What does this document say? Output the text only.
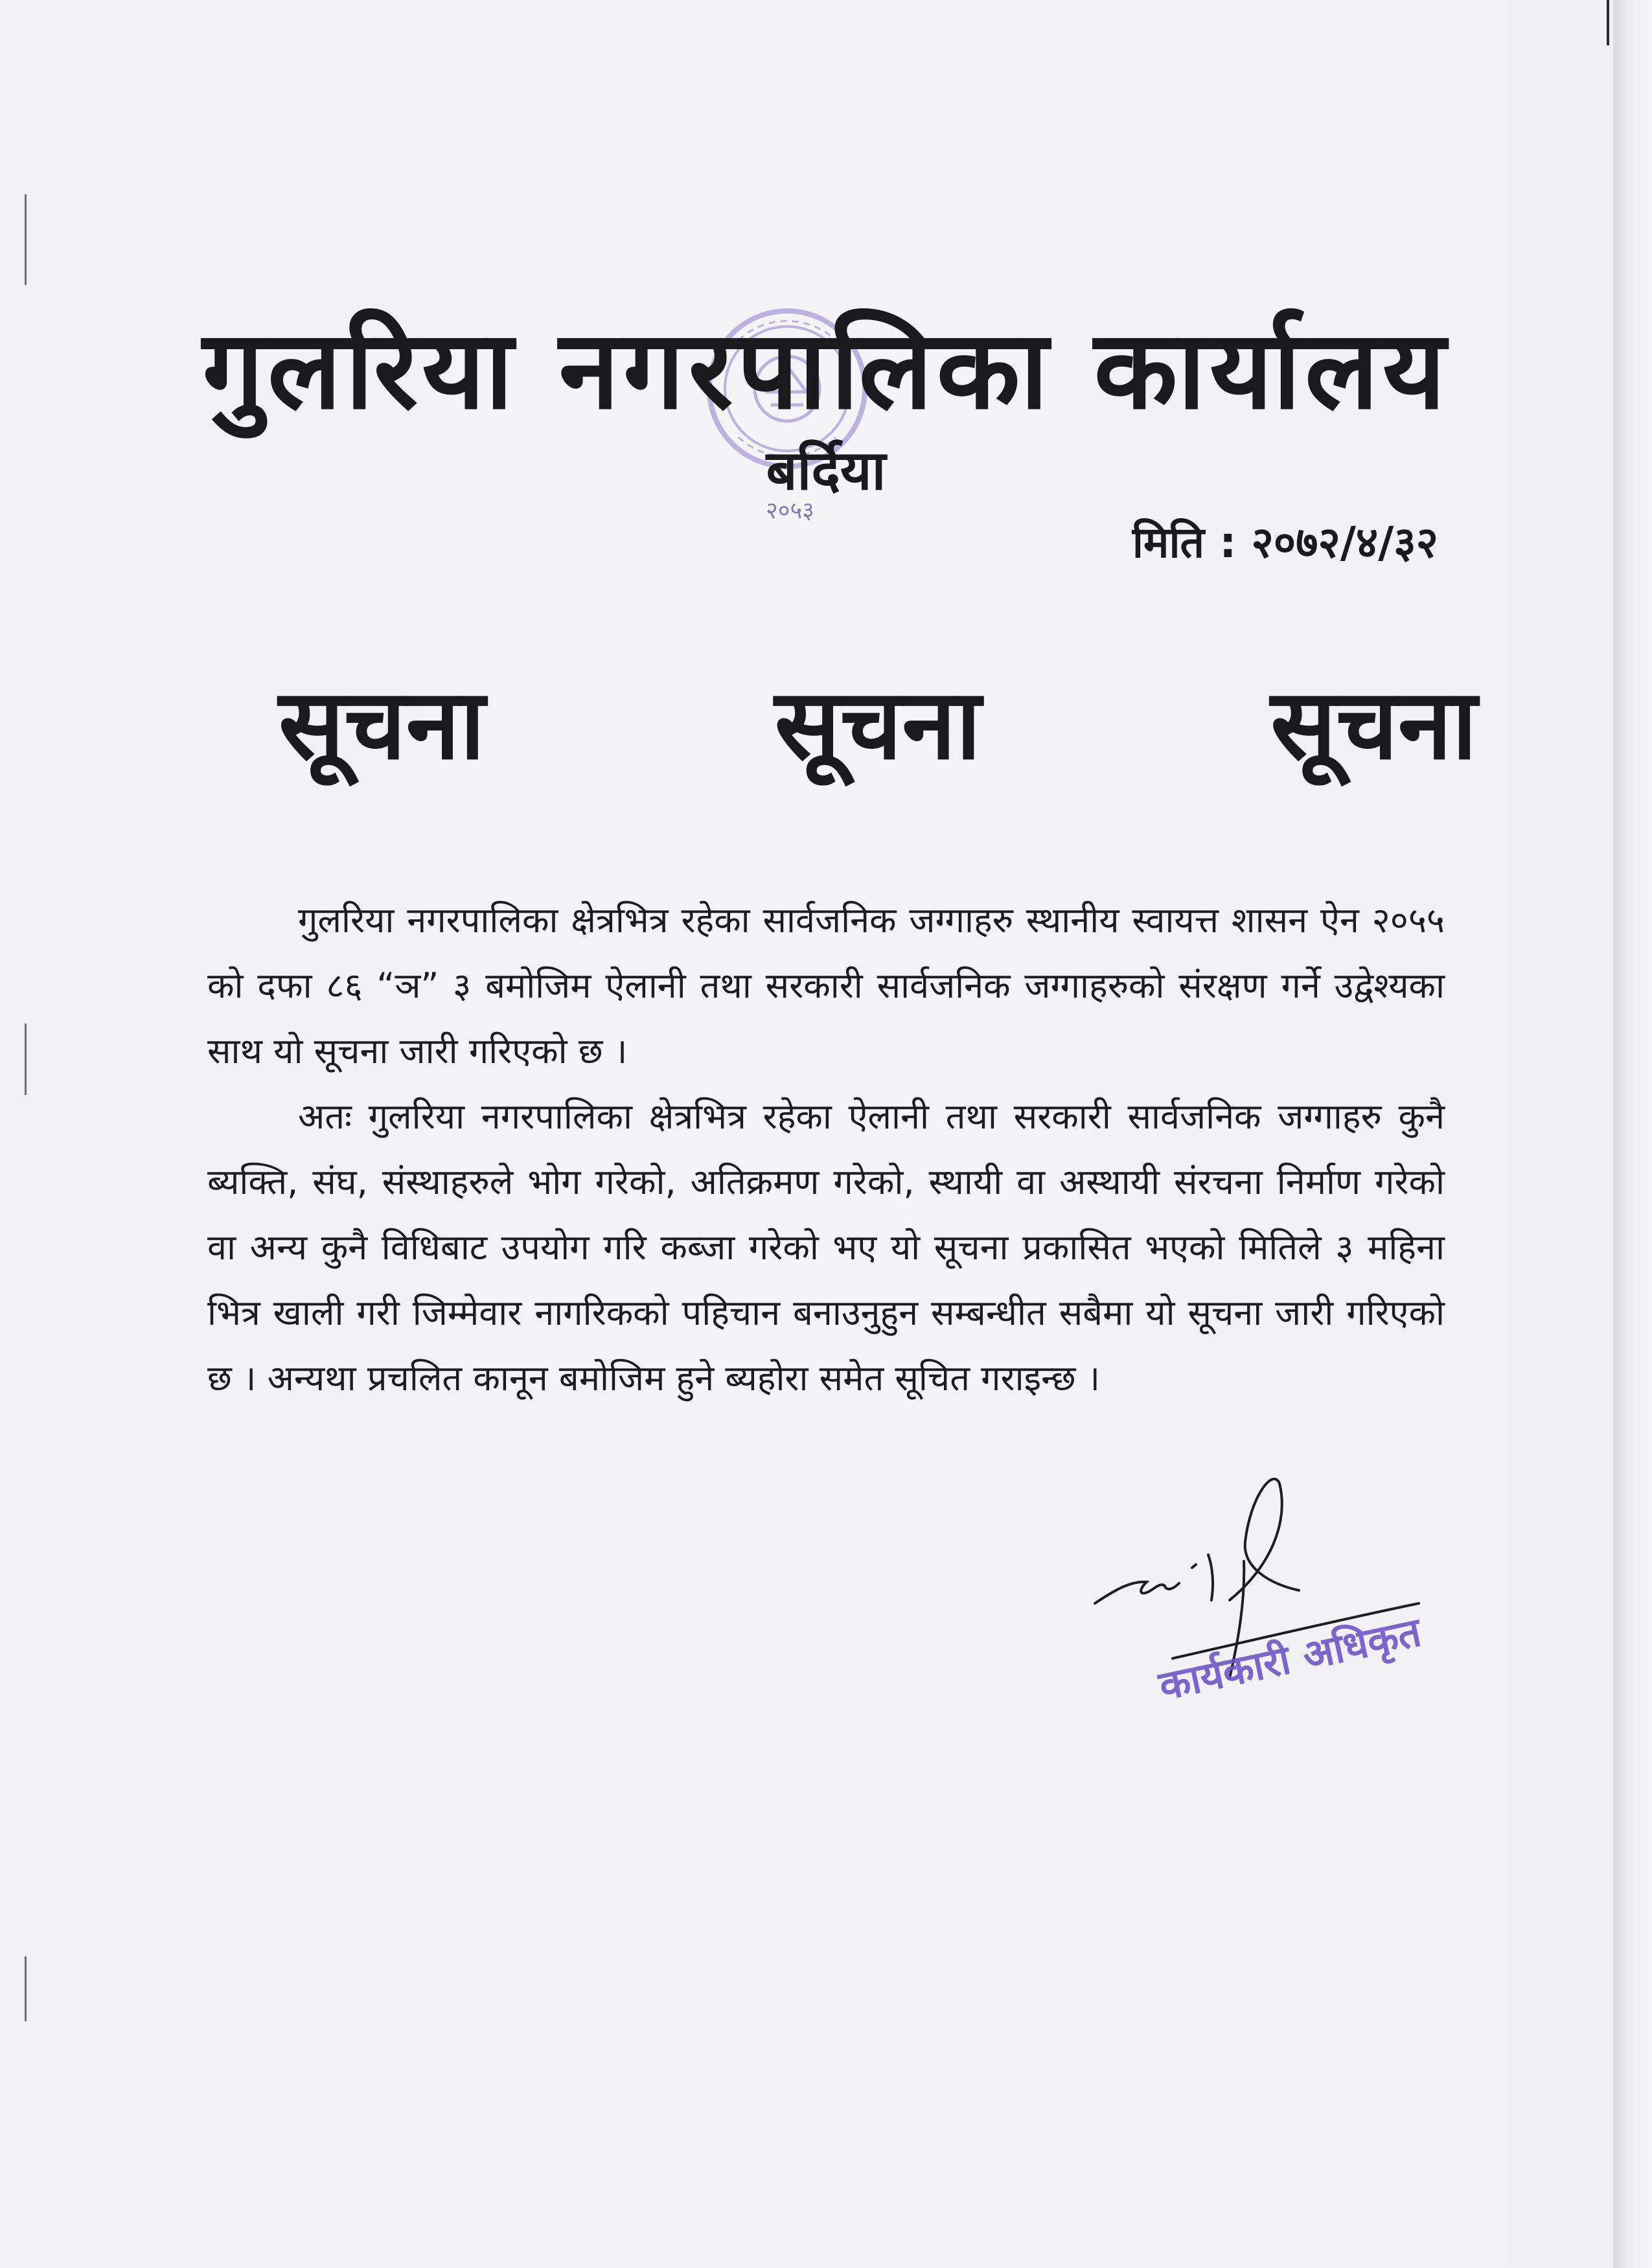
गुलरिया नगरपालिका कार्यालय
बर्दिया
२०५३
मिति : २०७२/४/३२
सूचना	सूचना	सूचना

गुलरिया नगरपालिका क्षेत्रभित्र रहेका सार्वजनिक जग्गाहरु स्थानीय स्वायत्त शासन ऐन २०५५ को दफा ८६ “ञ” ३ बमोजिम ऐलानी तथा सरकारी सार्वजनिक जग्गाहरुको संरक्षण गर्ने उद्वेश्यका साथ यो सूचना जारी गरिएको छ ।

अतः गुलरिया नगरपालिका क्षेत्रभित्र रहेका ऐलानी तथा सरकारी सार्वजनिक जग्गाहरु कुनै ब्यक्ति, संघ, संस्थाहरुले भोग गरेको, अतिक्रमण गरेको, स्थायी वा अस्थायी संरचना निर्माण गरेको वा अन्य कुनै विधिबाट उपयोग गरि कब्जा गरेको भए यो सूचना प्रकासित भएको मितिले ३ महिना भित्र खाली गरी जिम्मेवार नागरिकको पहिचान बनाउनुहुन सम्बन्धीत सबैमा यो सूचना जारी गरिएको छ । अन्यथा प्रचलित कानून बमोजिम हुने ब्यहोरा समेत सूचित गराइन्छ ।

कार्यकारी अधिकृत
